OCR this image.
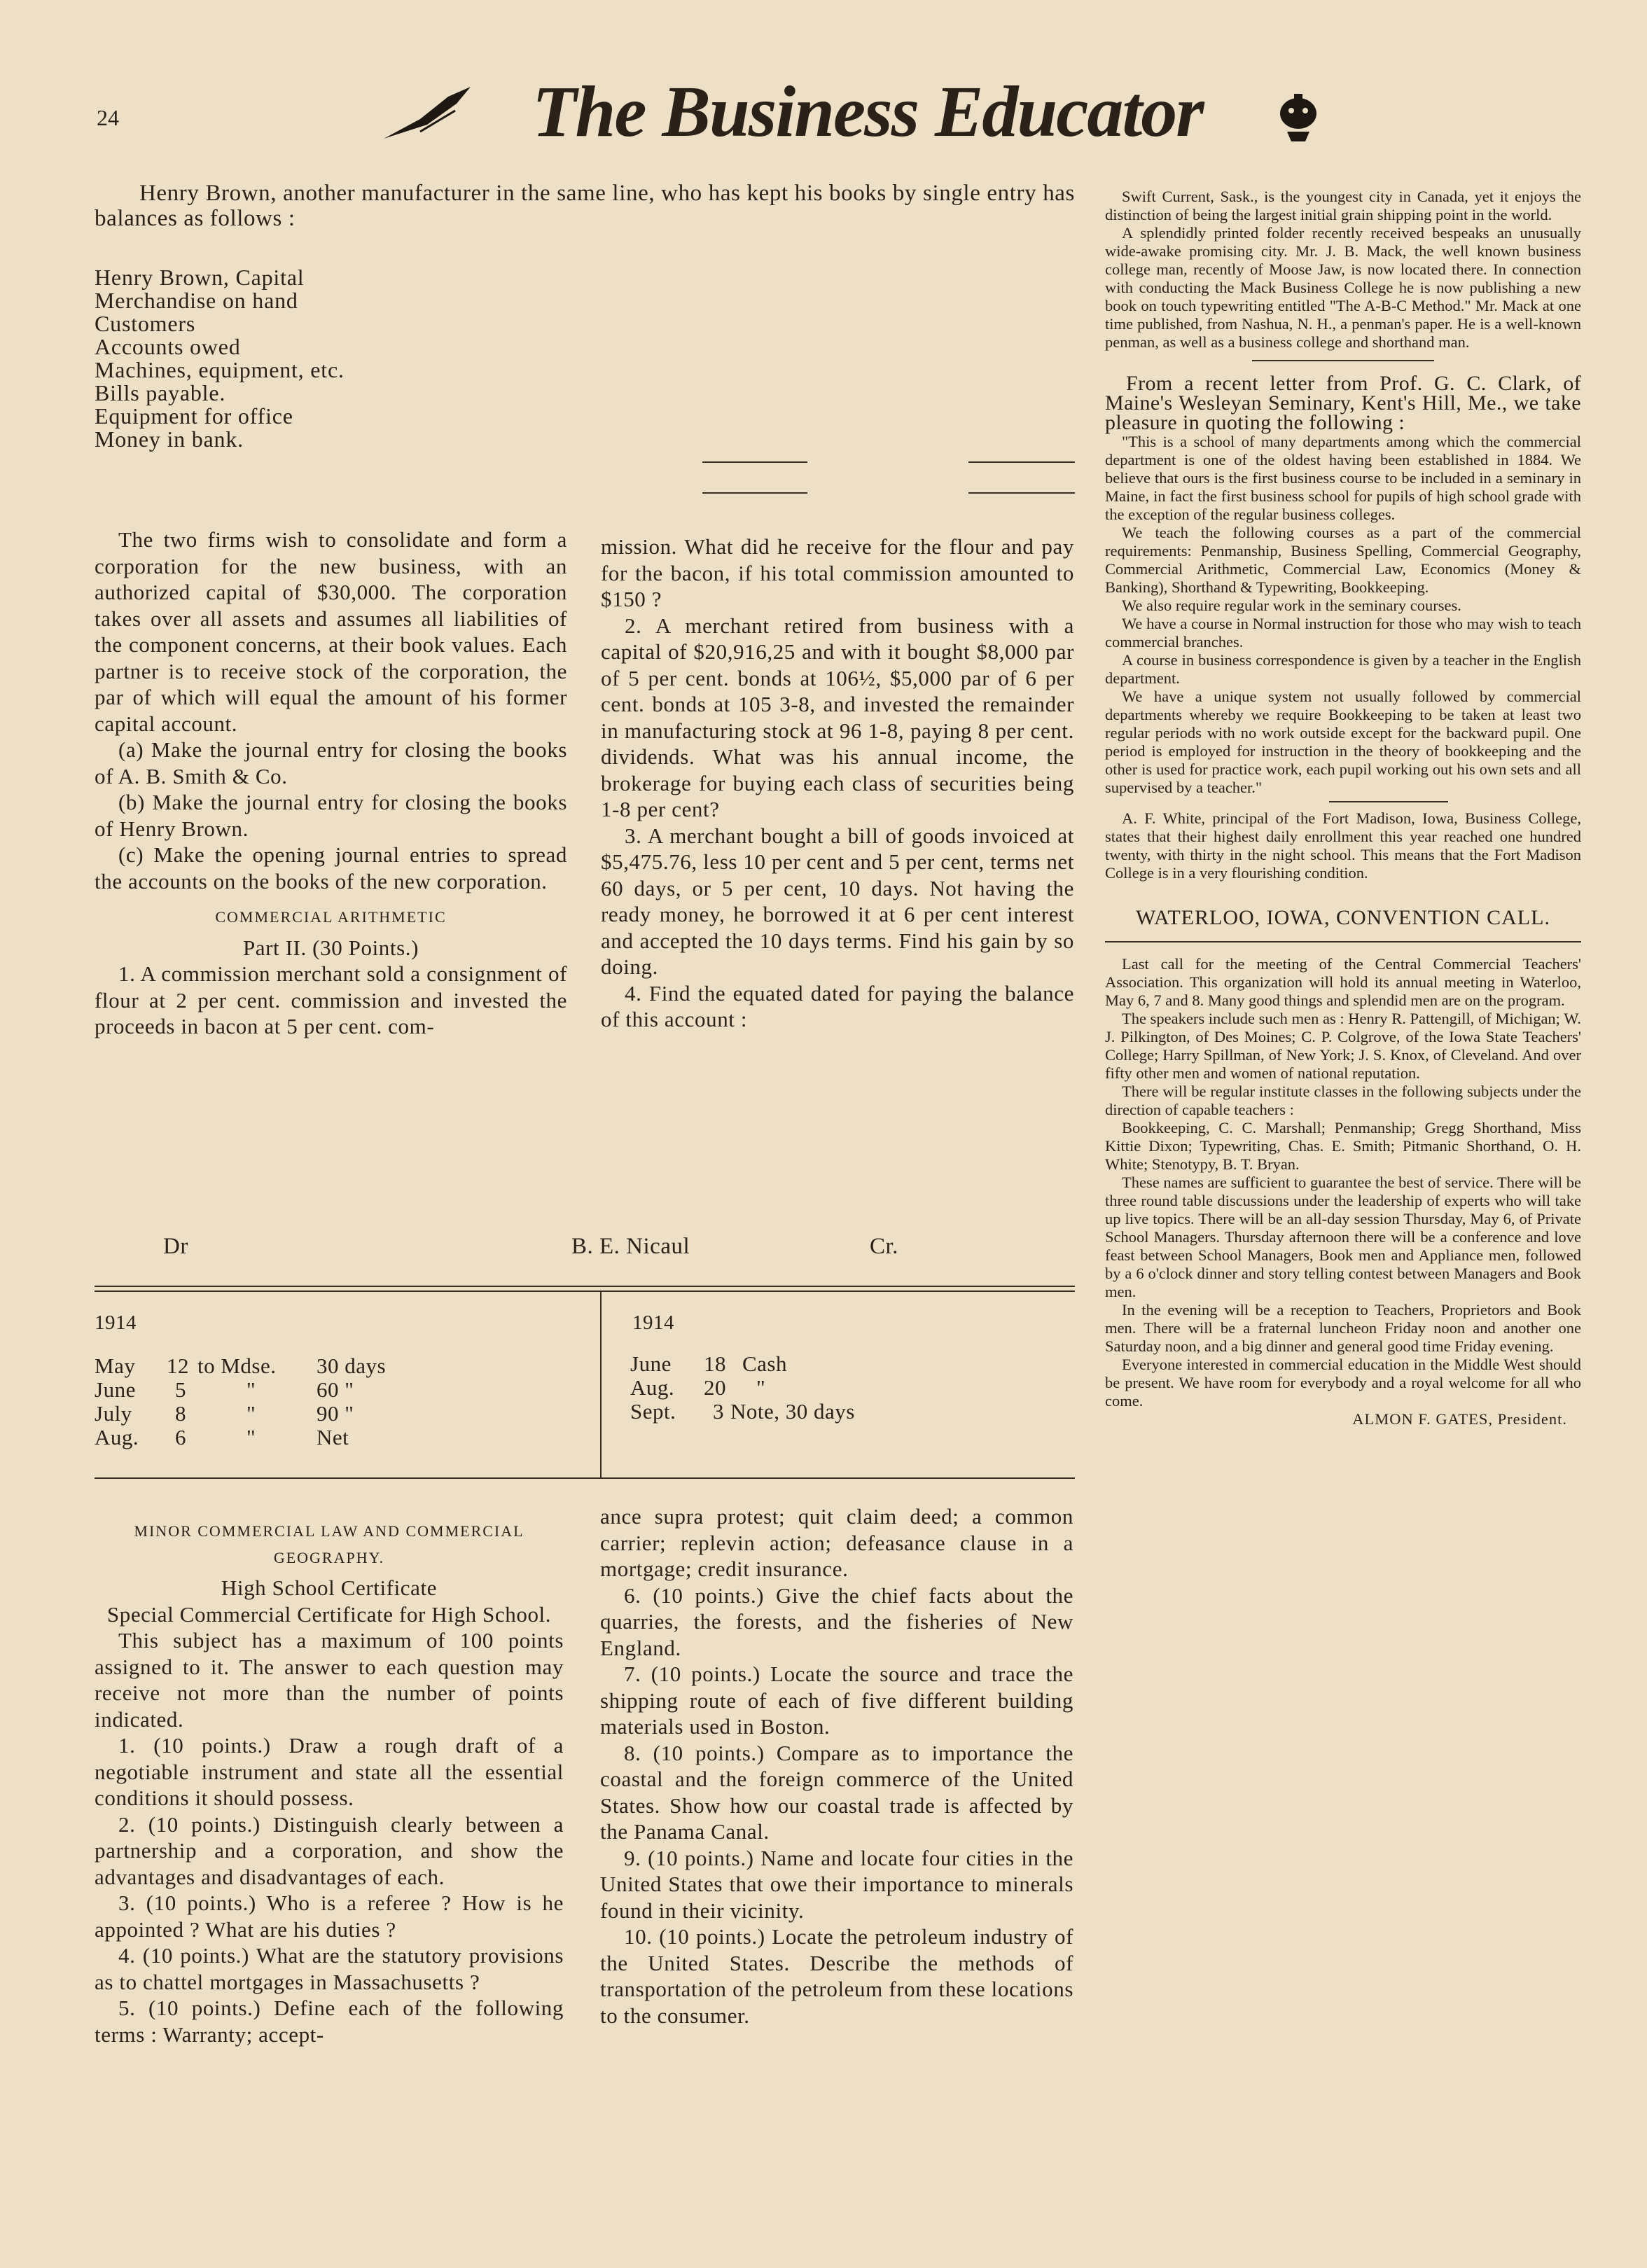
24	The Business Educator
Henry Brown, another manufacturer in the same line, who has kept his books by single entry has balances as follows :
Henry Brown, Capital
Merchandise on hand
Customers
Accounts owed
Machines, equipment, etc.
Bills payable.
Equipment for office
Money in bank.

The two firms wish to consolidate and form a corporation for the new business, with an authorized capital of $30,000. The corporation takes over all assets and assumes all liabilities of the component concerns, at their book values. Each partner is to receive stock of the corporation, the par of which will equal the amount of his former capital account.

(a) Make the journal entry for closing the books of A. B. Smith & Co.

(b) Make the journal entry for closing the books of Henry Brown.

(c) Make the opening journal entries to spread the accounts on the books of the new corporation.

COMMERCIAL ARITHMETIC
Part II. (30 Points.)

1. A commission merchant sold a consignment of flour at 2 per cent. commission and invested the proceeds in bacon at 5 per cent. com-

mission. What did he receive for the flour and pay for the bacon, if his total commission amounted to $150 ?

2. A merchant retired from business with a capital of $20,916,25 and with it bought $8,000 par of 5 per cent. bonds at 106½, $5,000 par of 6 per cent. bonds at 105 3-8, and invested the remainder in manufacturing stock at 96 1-8, paying 8 per cent. dividends. What was his annual income, the brokerage for buying each class of securities being 1-8 per cent?

3. A merchant bought a bill of goods invoiced at $5,475.76, less 10 per cent and 5 per cent, terms net 60 days, or 5 per cent, 10 days. Not having the ready money, he borrowed it at 6 per cent interest and accepted the 10 days terms. Find his gain by so doing.

4. Find the equated dated for paying the balance of this account :

Dr	B. E. Nicaul	Cr.
1914	1914
May 12 to Mdse. 30 days
June 5	"	60 "
July 8	"	90 "
Aug. 6	"	Net
June 18 Cash
Aug. 20 "
Sept. 3 Note, 30 days
MINOR COMMERCIAL LAW AND COMMERCIAL GEOGRAPHY.
High School Certificate
Special Commercial Certificate for High School.

This subject has a maximum of 100 points assigned to it. The answer to each question may receive not more than the number of points indicated.

1. (10 points.) Draw a rough draft of a negotiable instrument and state all the essential conditions it should possess.

2. (10 points.) Distinguish clearly between a partnership and a corporation, and show the advantages and disadvantages of each.

3. (10 points.) Who is a referee ? How is he appointed ? What are his duties ?

4. (10 points.) What are the statutory provisions as to chattel mortgages in Massachusetts ?

5. (10 points.) Define each of the following terms : Warranty; accept-

ance supra protest; quit claim deed; a common carrier; replevin action; defeasance clause in a mortgage; credit insurance.

6. (10 points.) Give the chief facts about the quarries, the forests, and the fisheries of New England.

7. (10 points.) Locate the source and trace the shipping route of each of five different building materials used in Boston.

8. (10 points.) Compare as to importance the coastal and the foreign commerce of the United States. Show how our coastal trade is affected by the Panama Canal.

9. (10 points.) Name and locate four cities in the United States that owe their importance to minerals found in their vicinity.

10. (10 points.) Locate the petroleum industry of the United States. Describe the methods of transportation of the petroleum from these locations to the consumer.

Swift Current, Sask., is the youngest city in Canada, yet it enjoys the distinction of being the largest initial grain shipping point in the world.

A splendidly printed folder recently received bespeaks an unusually wide-awake promising city. Mr. J. B. Mack, the well known business college man, recently of Moose Jaw, is now located there. In connection with conducting the Mack Business College he is now publishing a new book on touch typewriting entitled "The A-B-C Method." Mr. Mack at one time published, from Nashua, N. H., a penman's paper. He is a well-known penman, as well as a business college and shorthand man.

From a recent letter from Prof. G. C. Clark, of Maine's Wesleyan Seminary, Kent's Hill, Me., we take pleasure in quoting the following :

"This is a school of many departments among which the commercial department is one of the oldest having been established in 1884. We believe that ours is the first business course to be included in a seminary in Maine, in fact the first business school for pupils of high school grade with the exception of the regular business colleges.

We teach the following courses as a part of the commercial requirements: Penmanship, Business Spelling, Commercial Geography, Commercial Arithmetic, Commercial Law, Economics (Money & Banking), Shorthand & Typewriting, Bookkeeping.

We also require regular work in the seminary courses.

We have a course in Normal instruction for those who may wish to teach commercial branches.

A course in business correspondence is given by a teacher in the English department.

We have a unique system not usually followed by commercial departments whereby we require Bookkeeping to be taken at least two regular periods with no work outside except for the backward pupil. One period is employed for instruction in the theory of bookkeeping and the other is used for practice work, each pupil working out his own sets and all supervised by a teacher."

A. F. White, principal of the Fort Madison, Iowa, Business College, states that their highest daily enrollment this year reached one hundred twenty, with thirty in the night school. This means that the Fort Madison College is in a very flourishing condition.

WATERLOO, IOWA, CONVENTION CALL.

Last call for the meeting of the Central Commercial Teachers' Association. This organization will hold its annual meeting in Waterloo, May 6, 7 and 8. Many good things and splendid men are on the program.

The speakers include such men as : Henry R. Pattengill, of Michigan; W. J. Pilkington, of Des Moines; C. P. Colgrove, of the Iowa State Teachers' College; Harry Spillman, of New York; J. S. Knox, of Cleveland. And over fifty other men and women of national reputation.

There will be regular institute classes in the following subjects under the direction of capable teachers :

Bookkeeping, C. C. Marshall; Penmanship; Gregg Shorthand, Miss Kittie Dixon; Typewriting, Chas. E. Smith; Pitmanic Shorthand, O. H. White; Stenotypy, B. T. Bryan.

These names are sufficient to guarantee the best of service. There will be three round table discussions under the leadership of experts who will take up live topics. There will be an all-day session Thursday, May 6, of Private School Managers. Thursday afternoon there will be a conference and love feast between School Managers, Book men and Appliance men, followed by a 6 o'clock dinner and story telling contest between Managers and Book men.

In the evening will be a reception to Teachers, Proprietors and Book men. There will be a fraternal luncheon Friday noon and another one Saturday noon, and a big dinner and general good time Friday evening.

Everyone interested in commercial education in the Middle West should be present. We have room for everybody and a royal welcome for all who come.

ALMON F. GATES, President.
